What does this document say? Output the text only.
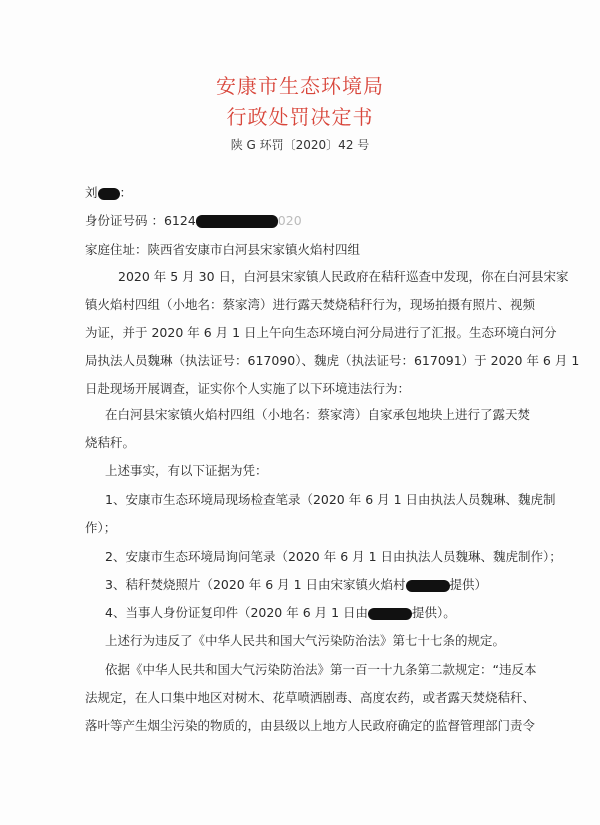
安康市生态环境局
行政处罚决定书
陕 G 环罚〔2020〕42 号
刘 ：
身份证号码 ：6124	020
家庭住址：陕西省安康市白河县宋家镇火焰村四组
2020 年 5 月 30 日，白河县宋家镇人民政府在秸秆巡查中发现，你在白河县宋家
镇火焰村四组（小地名：蔡家湾）进行露天焚烧秸秆行为，现场拍摄有照片、视频
为证，并于 2020 年 6 月 1 日上午向生态环境白河分局进行了汇报。生态环境白河分
局执法人员魏琳（执法证号：617090）、魏虎（执法证号：617091）于 2020 年 6 月 1
日赴现场开展调查，证实你个人实施了以下环境违法行为：
在白河县宋家镇火焰村四组（小地名：蔡家湾）自家承包地块上进行了露天焚
烧秸秆。
上述事实，有以下证据为凭：
1、安康市生态环境局现场检查笔录（2020 年 6 月 1 日由执法人员魏琳、魏虎制
作）；
2、安康市生态环境局询问笔录（2020 年 6 月 1 日由执法人员魏琳、魏虎制作）；
3、秸秆焚烧照片（2020 年 6 月 1 日由宋家镇火焰村	提供）
4、当事人身份证复印件（2020 年 6 月 1 日由	提供）。
上述行为违反了《中华人民共和国大气污染防治法》第七十七条的规定。
依据《中华人民共和国大气污染防治法》第一百一十九条第二款规定：“违反本
法规定，在人口集中地区对树木、花草喷洒剧毒、高度农药，或者露天焚烧秸秆、
落叶等产生烟尘污染的物质的，由县级以上地方人民政府确定的监督管理部门责令
